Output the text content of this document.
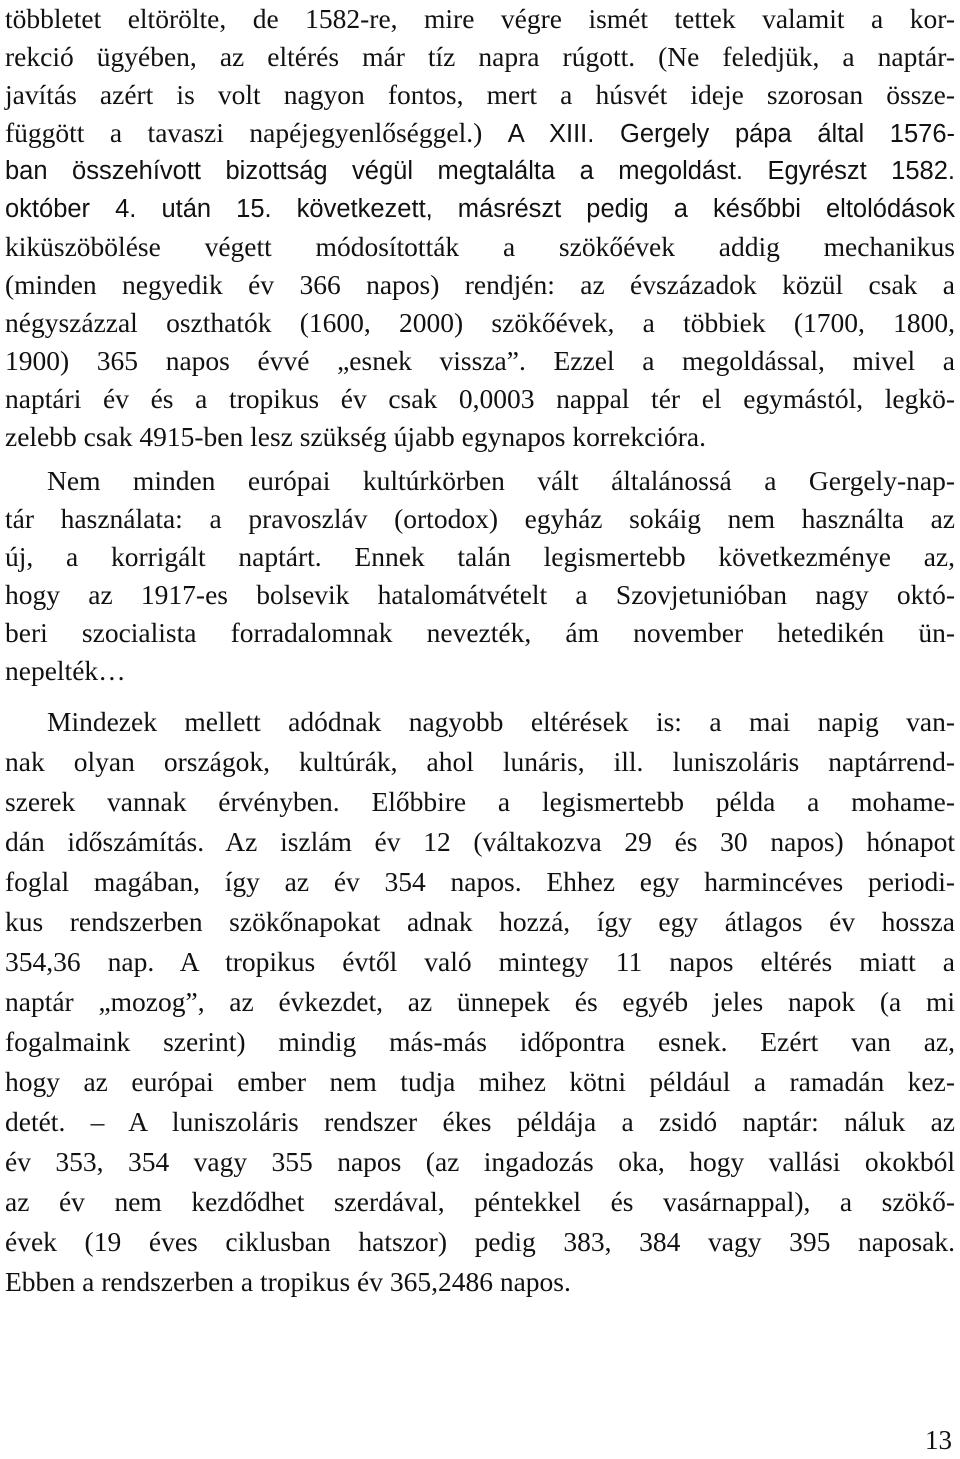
többletet eltörölte, de 1582-re, mire végre ismét tettek valamit a kor-
rekció ügyében, az eltérés már tíz napra rúgott. (Ne feledjük, a naptár-
javítás azért is volt nagyon fontos, mert a húsvét ideje szorosan össze-
függött a tavaszi napéjegyenlőséggel.) A XIII. Gergely pápa által 1576-
ban összehívott bizottság végül megtalálta a megoldást. Egyrészt 1582.
október 4. után 15. következett, másrészt pedig a későbbi eltolódások
kiküszöbölése végett módosították a szökőévek addig mechanikus
(minden negyedik év 366 napos) rendjén: az évszázadok közül csak a
négyszázzal oszthatók (1600, 2000) szökőévek, a többiek (1700, 1800,
1900) 365 napos évvé „esnek vissza”. Ezzel a megoldással, mivel a
naptári év és a tropikus év csak 0,0003 nappal tér el egymástól, legkö-
zelebb csak 4915-ben lesz szükség újabb egynapos korrekcióra.
Nem minden európai kultúrkörben vált általánossá a Gergely-nap-
tár használata: a pravoszláv (ortodox) egyház sokáig nem használta az
új, a korrigált naptárt. Ennek talán legismertebb következménye az,
hogy az 1917-es bolsevik hatalomátvételt a Szovjetunióban nagy októ-
beri szocialista forradalomnak nevezték, ám november hetedikén ün-
nepelték…
Mindezek mellett adódnak nagyobb eltérések is: a mai napig van-
nak olyan országok, kultúrák, ahol lunáris, ill. luniszoláris naptárrend-
szerek vannak érvényben. Előbbire a legismertebb példa a mohame-
dán időszámítás. Az iszlám év 12 (váltakozva 29 és 30 napos) hónapot
foglal magában, így az év 354 napos. Ehhez egy harmincéves periodi-
kus rendszerben szökőnapokat adnak hozzá, így egy átlagos év hossza
354,36 nap. A tropikus évtől való mintegy 11 napos eltérés miatt a
naptár „mozog”, az évkezdet, az ünnepek és egyéb jeles napok (a mi
fogalmaink szerint) mindig más-más időpontra esnek. Ezért van az,
hogy az európai ember nem tudja mihez kötni például a ramadán kez-
detét. – A luniszoláris rendszer ékes példája a zsidó naptár: náluk az
év 353, 354 vagy 355 napos (az ingadozás oka, hogy vallási okokból
az év nem kezdődhet szerdával, péntekkel és vasárnappal), a szökő-
évek (19 éves ciklusban hatszor) pedig 383, 384 vagy 395 naposak.
Ebben a rendszerben a tropikus év 365,2486 napos.
13
